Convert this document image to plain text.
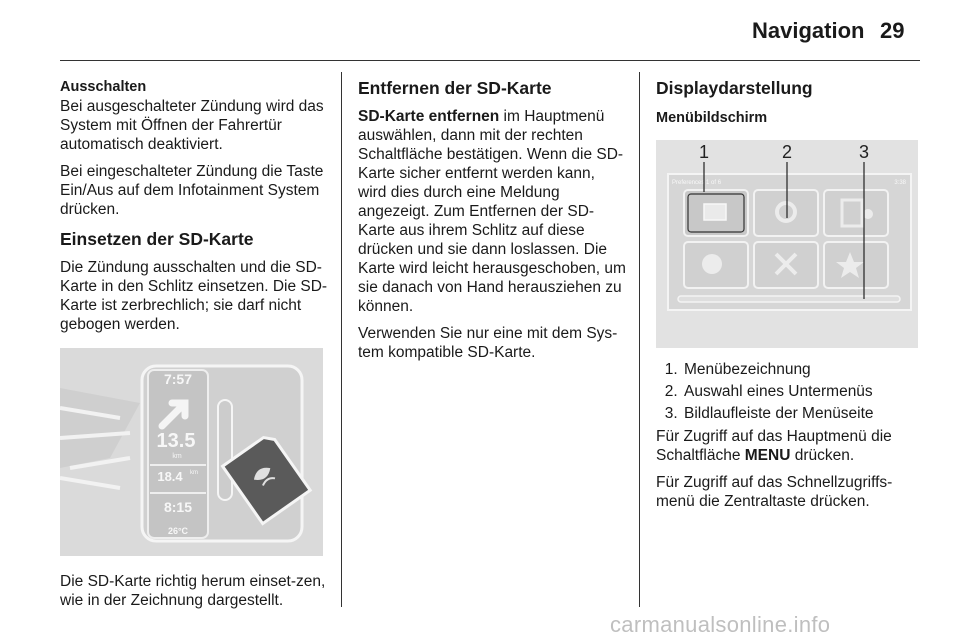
Navigation 29

Ausschalten

Bei ausgeschalteter Zündung wird das System mit Öffnen der Fahrertür automatisch deaktiviert.

Bei eingeschalteter Zündung die Taste Ein/Aus auf dem Infotainment System drücken.

Einsetzen der SD-Karte

Die Zündung ausschalten und die SD-Karte in den Schlitz einsetzen. Die SD-Karte ist zerbrechlich; sie darf nicht gebogen werden.

7:57
13.5
km
18.4 km
8:15
26°C

Die SD-Karte richtig herum einset-zen, wie in der Zeichnung dargestellt.

Entfernen der SD-Karte

SD-Karte entfernen im Hauptmenü auswählen, dann mit der rechten Schaltfläche bestätigen. Wenn die SD-Karte sicher entfernt werden kann, wird dies durch eine Meldung angezeigt. Zum Entfernen der SD-Karte aus ihrem Schlitz auf diese drücken und sie dann loslassen. Die Karte wird leicht herausgeschoben, um sie danach von Hand herausziehen zu können.

Verwenden Sie nur eine mit dem Sys-tem kompatible SD-Karte.

Displaydarstellung

Menübildschirm

1	2	3
Preferences 1 of 6	3:38
1. Menübezeichnung
2. Auswahl eines Untermenüs
3. Bildlaufleiste der Menüseite

Für Zugriff auf das Hauptmenü die Schaltfläche MENU drücken.

Für Zugriff auf das Schnellzugriffs-menü die Zentraltaste drücken.

carmanualsonline.info
